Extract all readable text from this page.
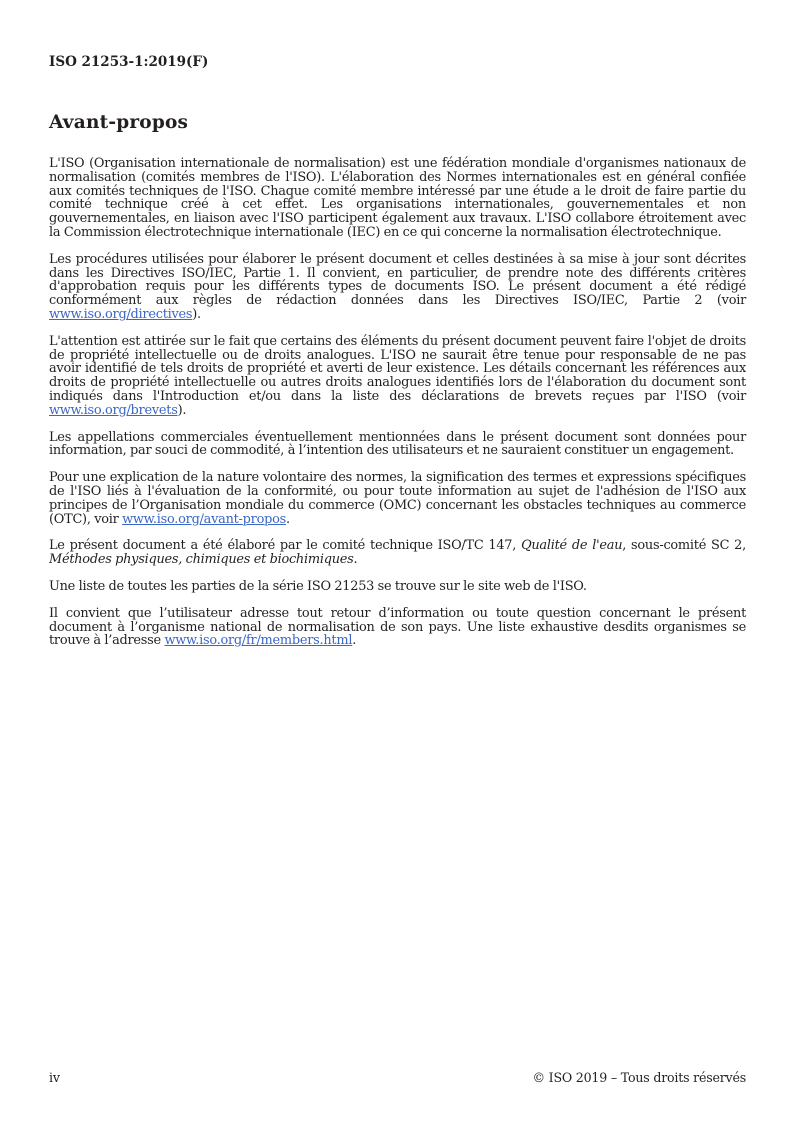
ISO 21253-1:2019(F)
Avant-propos

L'ISO (Organisation internationale de normalisation) est une fédération mondiale d'organismes nationaux de normalisation (comités membres de l'ISO). L'élaboration des Normes internationales est en général confiée aux comités techniques de l'ISO. Chaque comité membre intéressé par une étude a le droit de faire partie du comité technique créé à cet effet. Les organisations internationales, gouvernementales et non gouvernementales, en liaison avec l'ISO participent également aux travaux. L'ISO collabore étroitement avec la Commission électrotechnique internationale (IEC) en ce qui concerne la normalisation électrotechnique.

Les procédures utilisées pour élaborer le présent document et celles destinées à sa mise à jour sont décrites dans les Directives ISO/IEC, Partie 1. Il convient, en particulier, de prendre note des différents critères d'approbation requis pour les différents types de documents ISO. Le présent document a été rédigé conformément aux règles de rédaction données dans les Directives ISO/IEC, Partie 2 (voir www.iso.org/directives).

L'attention est attirée sur le fait que certains des éléments du présent document peuvent faire l'objet de droits de propriété intellectuelle ou de droits analogues. L'ISO ne saurait être tenue pour responsable de ne pas avoir identifié de tels droits de propriété et averti de leur existence. Les détails concernant les références aux droits de propriété intellectuelle ou autres droits analogues identifiés lors de l'élaboration du document sont indiqués dans l'Introduction et/ou dans la liste des déclarations de brevets reçues par l'ISO (voir www.iso.org/brevets).

Les appellations commerciales éventuellement mentionnées dans le présent document sont données pour information, par souci de commodité, à l’intention des utilisateurs et ne sauraient constituer un engagement.

Pour une explication de la nature volontaire des normes, la signification des termes et expressions spécifiques de l'ISO liés à l'évaluation de la conformité, ou pour toute information au sujet de l'adhésion de l'ISO aux principes de l’Organisation mondiale du commerce (OMC) concernant les obstacles techniques au commerce (OTC), voir www.iso.org/avant-propos.

Le présent document a été élaboré par le comité technique ISO/TC 147, Qualité de l'eau, sous-comité SC 2, Méthodes physiques, chimiques et biochimiques.

Une liste de toutes les parties de la série ISO 21253 se trouve sur le site web de l'ISO.

Il convient que l’utilisateur adresse tout retour d’information ou toute question concernant le présent document à l’organisme national de normalisation de son pays. Une liste exhaustive desdits organismes se trouve à l’adresse www.iso.org/fr/members.html.

iv	© ISO 2019 – Tous droits réservés
